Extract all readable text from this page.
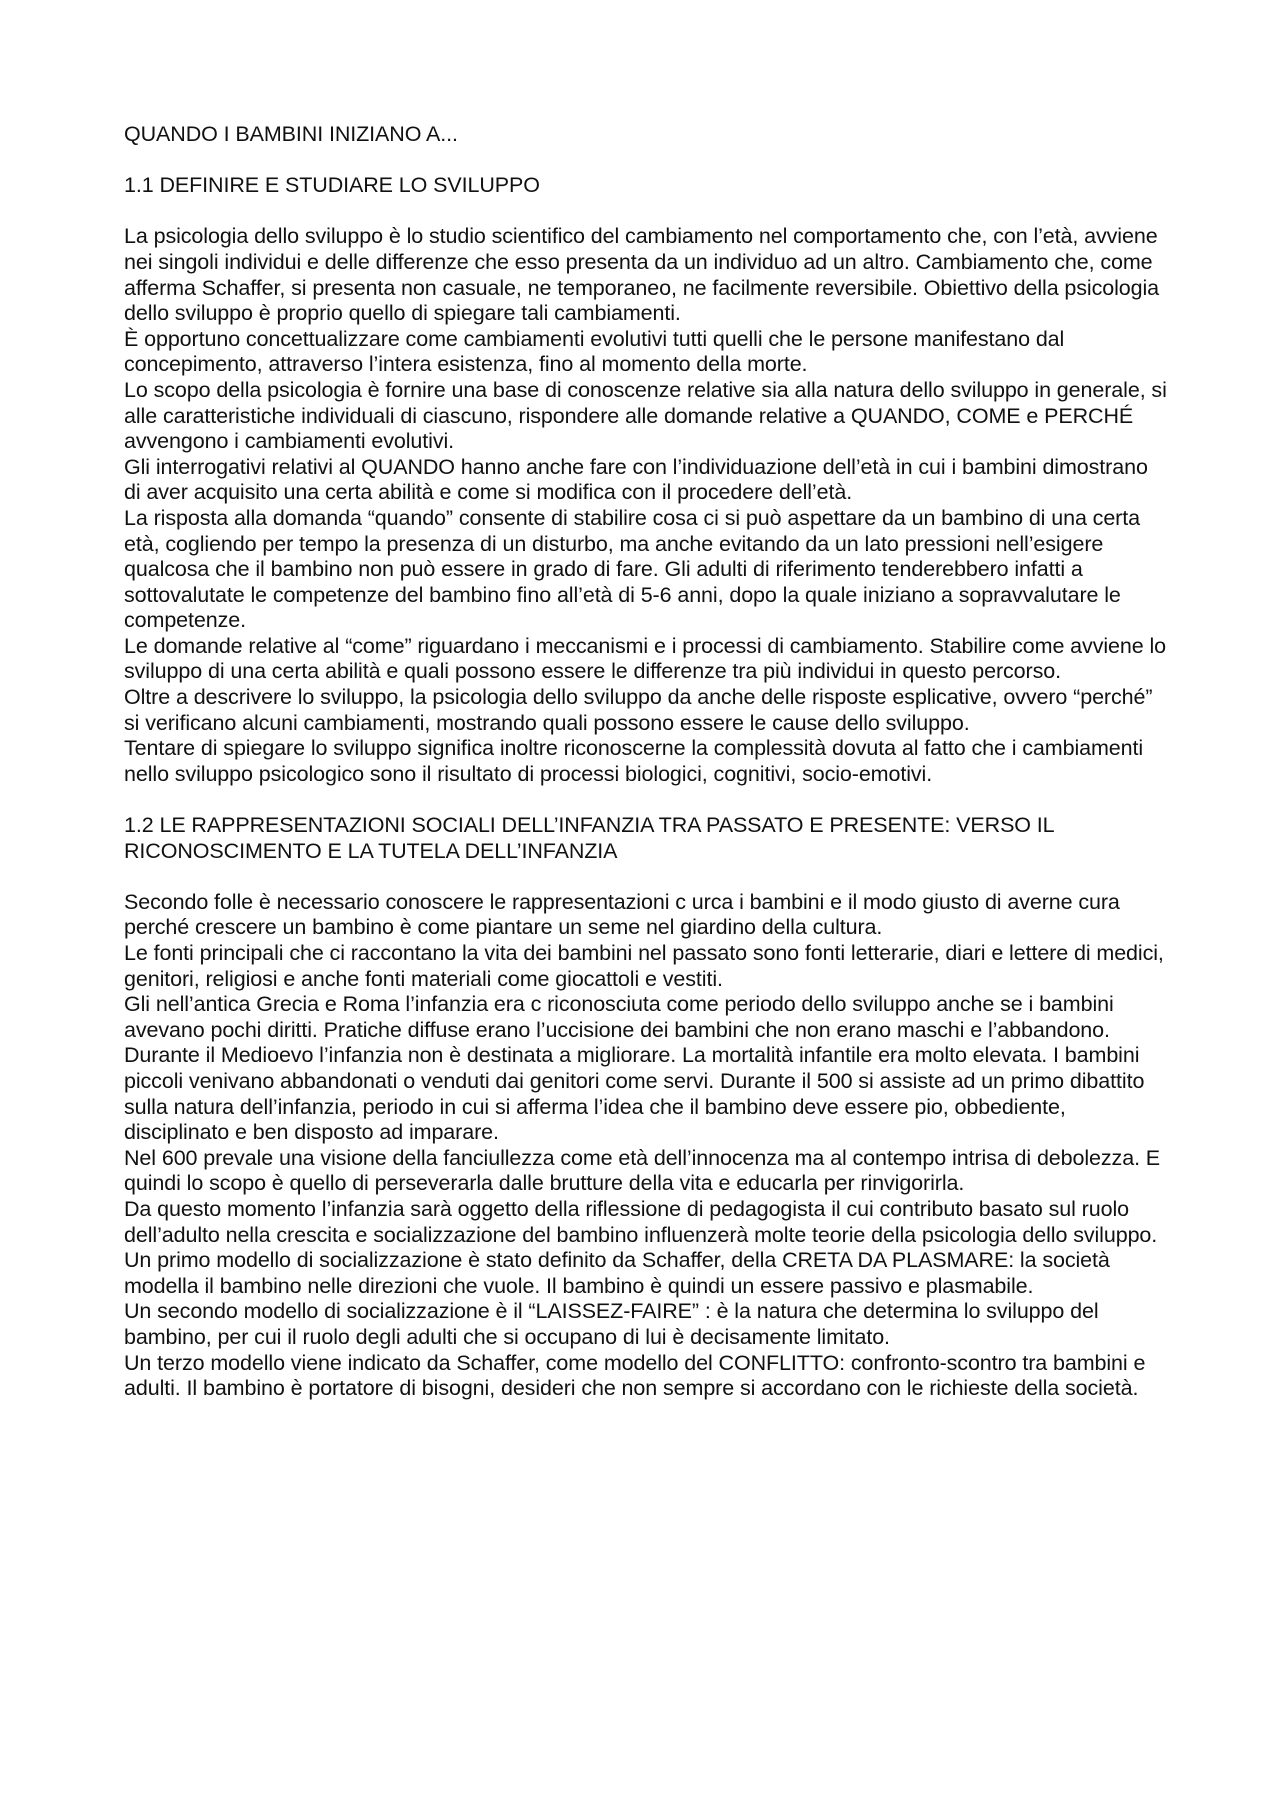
QUANDO I BAMBINI INIZIANO A...
1.1 DEFINIRE E STUDIARE LO SVILUPPO

La psicologia dello sviluppo è lo studio scientifico del cambiamento nel comportamento che, con l’età, avviene nei singoli individui e delle differenze che esso presenta da un individuo ad un altro. Cambiamento che, come afferma Schaffer, si presenta non casuale, ne temporaneo, ne facilmente reversibile. Obiettivo della psicologia dello sviluppo è proprio quello di spiegare tali cambiamenti.

È opportuno concettualizzare come cambiamenti evolutivi tutti quelli che le persone manifestano dal concepimento, attraverso l’intera esistenza, fino al momento della morte.

Lo scopo della psicologia è fornire una base di conoscenze relative sia alla natura dello sviluppo in generale, si alle caratteristiche individuali di ciascuno, rispondere alle domande relative a QUANDO, COME e PERCHÉ avvengono i cambiamenti evolutivi.

Gli interrogativi relativi al QUANDO hanno anche fare con l’individuazione dell’età in cui i bambini dimostrano di aver acquisito una certa abilità e come si modifica con il procedere dell’età.

La risposta alla domanda “quando” consente di stabilire cosa ci si può aspettare da un bambino di una certa età, cogliendo per tempo la presenza di un disturbo, ma anche evitando da un lato pressioni nell’esigere qualcosa che il bambino non può essere in grado di fare. Gli adulti di riferimento tenderebbero infatti a sottovalutate le competenze del bambino fino all’età di 5-6 anni, dopo la quale iniziano a sopravvalutare le competenze.

Le domande relative al “come” riguardano i meccanismi e i processi di cambiamento. Stabilire come avviene lo sviluppo di una certa abilità e quali possono essere le differenze tra più individui in questo percorso.

Oltre a descrivere lo sviluppo, la psicologia dello sviluppo da anche delle risposte esplicative, ovvero “perché” si verificano alcuni cambiamenti, mostrando quali possono essere le cause dello sviluppo.

Tentare di spiegare lo sviluppo significa inoltre riconoscerne la complessità dovuta al fatto che i cambiamenti nello sviluppo psicologico sono il risultato di processi biologici, cognitivi, socio-emotivi.

1.2 LE RAPPRESENTAZIONI SOCIALI DELL’INFANZIA TRA PASSATO E PRESENTE: VERSO IL RICONOSCIMENTO E LA TUTELA DELL’INFANZIA

Secondo folle è necessario conoscere le rappresentazioni c urca i bambini e il modo giusto di averne cura perché crescere un bambino è come piantare un seme nel giardino della cultura.

Le fonti principali che ci raccontano la vita dei bambini nel passato sono fonti letterarie, diari e lettere di medici, genitori, religiosi e anche fonti materiali come giocattoli e vestiti.

Gli nell’antica Grecia e Roma l’infanzia era c riconosciuta come periodo dello sviluppo anche se i bambini avevano pochi diritti. Pratiche diffuse erano l’uccisione dei bambini che non erano maschi e l’abbandono.

Durante il Medioevo l’infanzia non è destinata a migliorare. La mortalità infantile era molto elevata. I bambini piccoli venivano abbandonati o venduti dai genitori come servi. Durante il 500 si assiste ad un primo dibattito sulla natura dell’infanzia, periodo in cui si afferma l’idea che il bambino deve essere pio, obbediente, disciplinato e ben disposto ad imparare.

Nel 600 prevale una visione della fanciullezza come età dell’innocenza ma al contempo intrisa di debolezza. E quindi lo scopo è quello di perseverarla dalle brutture della vita e educarla per rinvigorirla.

Da questo momento l’infanzia sarà oggetto della riflessione di pedagogista il cui contributo basato sul ruolo dell’adulto nella crescita e socializzazione del bambino influenzerà molte teorie della psicologia dello sviluppo.

Un primo modello di socializzazione è stato definito da Schaffer, della CRETA DA PLASMARE: la società modella il bambino nelle direzioni che vuole. Il bambino è quindi un essere passivo e plasmabile.

Un secondo modello di socializzazione è il “LAISSEZ-FAIRE” : è la natura che determina lo sviluppo del bambino, per cui il ruolo degli adulti che si occupano di lui è decisamente limitato.

Un terzo modello viene indicato da Schaffer, come modello del CONFLITTO: confronto-scontro tra bambini e adulti. Il bambino è portatore di bisogni, desideri che non sempre si accordano con le richieste della società.
